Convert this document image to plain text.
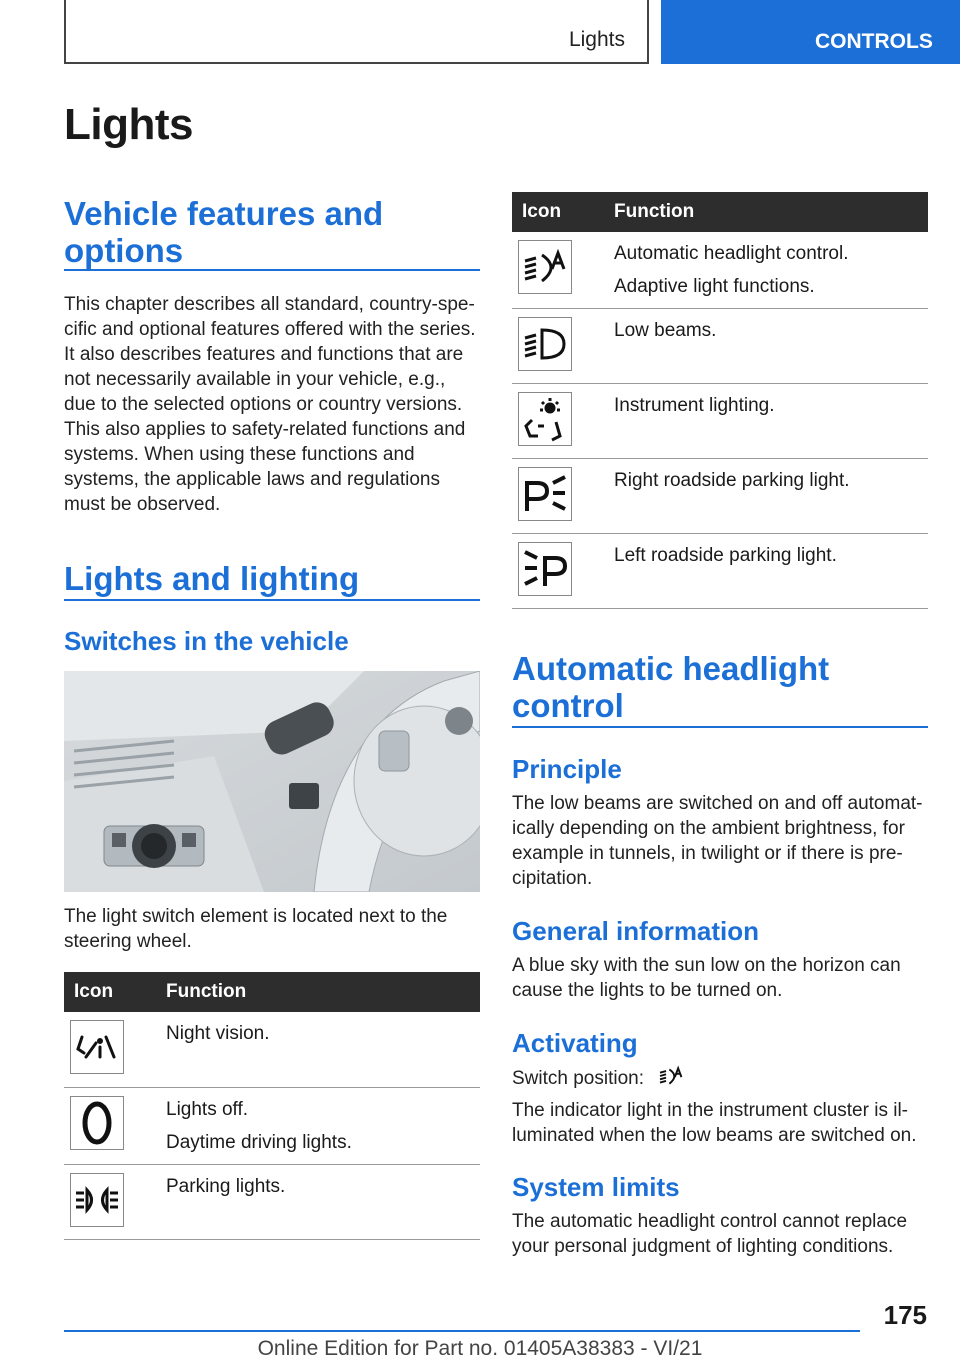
Lights	CONTROLS
Lights
Vehicle features and options

This chapter describes all standard, country-specific and optional features offered with the series. It also describes features and functions that are not necessarily available in your vehicle, e.g., due to the selected options or country versions. This also applies to safety-related functions and systems. When using these functions and systems, the applicable laws and regulations must be observed.

Lights and lighting
Switches in the vehicle

The light switch element is located next to the steering wheel.

Icon	Function

Night vision.

Lights off.
Daytime driving lights.

Parking lights.
Icon	Function

Automatic headlight control.
Adaptive light functions.

Low beams.

Instrument lighting.

Right roadside parking light.

Left roadside parking light.
Automatic headlight control
Principle

The low beams are switched on and off automatically depending on the ambient brightness, for example in tunnels, in twilight or if there is precipitation.

General information

A blue sky with the sun low on the horizon can cause the lights to be turned on.

Activating

Switch position:

The indicator light in the instrument cluster is illuminated when the low beams are switched on.

System limits

The automatic headlight control cannot replace your personal judgment of lighting conditions.

175
Online Edition for Part no. 01405A38383 - VI/21
